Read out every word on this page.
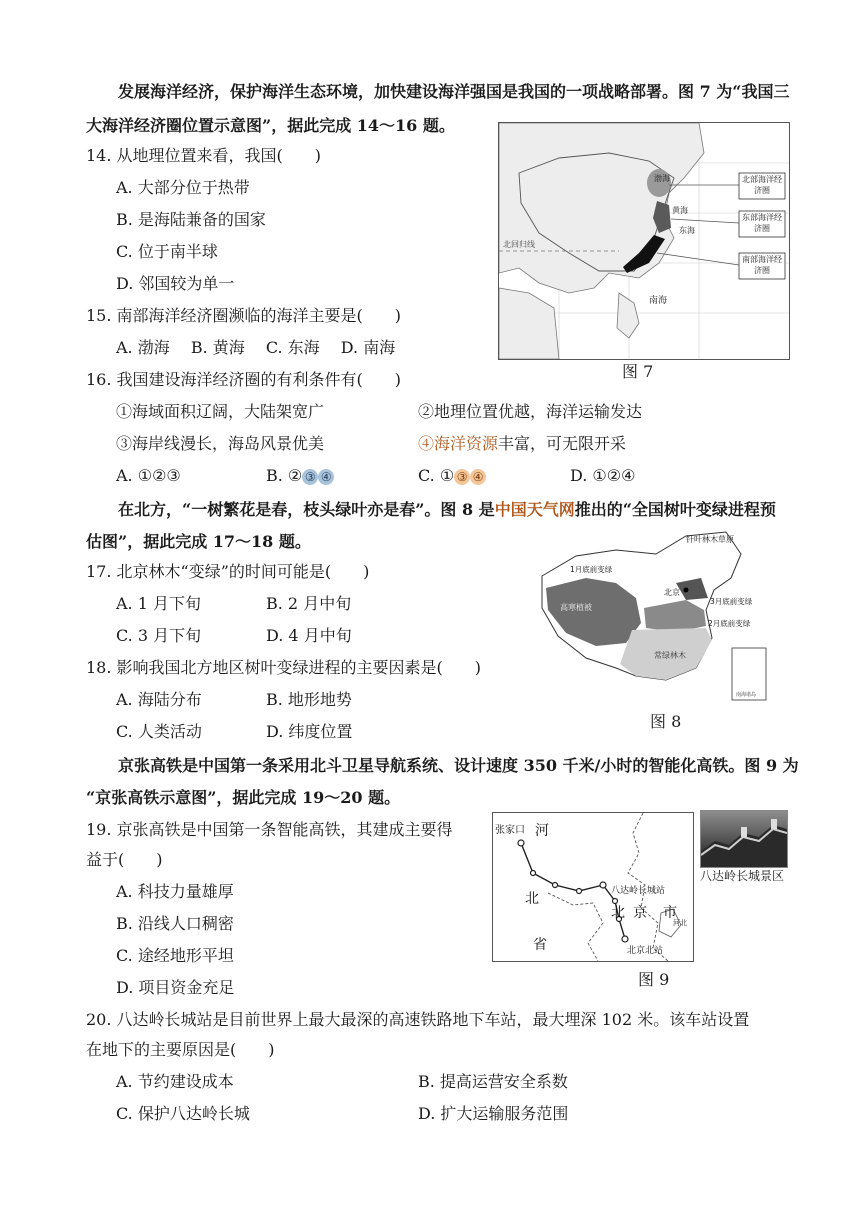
发展海洋经济，保护海洋生态环境，加快建设海洋强国是我国的一项战略部署。图 7 为“我国三
大海洋经济圈位置示意图”，据此完成 14～16 题。
14. 从地理位置来看，我国(　　)
A. 大部分位于热带
B. 是海陆兼备的国家
C. 位于南半球
D. 邻国较为单一
15. 南部海洋经济圈濒临的海洋主要是(　　)
A. 渤海　 B. 黄海　 C. 东海　 D. 南海
北回归线
渤海
黄海
东海
南海
北部海洋经济圈
东部海洋经济圈
南部海洋经济圈
图 7
16. 我国建设海洋经济圈的有利条件有(　　)
①海域面积辽阔，大陆架宽广	②地理位置优越，海洋运输发达
③海岸线漫长，海岛风景优美	④海洋资源丰富，可无限开采
A. ①②③	B. ② ③ ④	C. ① ③ ④	D. ①②④
在北方，“一树繁花是春，枝头绿叶亦是春”。图 8 是中国天气网推出的“全国树叶变绿进程预
估图”，据此完成 17～18 题。
17. 北京林木“变绿”的时间可能是(　　)
A. 1 月下旬	B. 2 月中旬
C. 3 月下旬	D. 4 月中旬
18. 影响我国北方地区树叶变绿进程的主要因素是(　　)
A. 海陆分布	B. 地形地势
C. 人类活动	D. 纬度位置
北京
针叶林木草原
1月底前变绿
高寒植被
3月底前变绿
2月底前变绿
常绿林木
南海诸岛
图 8
京张高铁是中国第一条采用北斗卫星导航系统、设计速度 350 千米/小时的智能化高铁。图 9 为
“京张高铁示意图”，据此完成 19～20 题。
19. 京张高铁是中国第一条智能高铁，其建成主要得
益于(　　)
A. 科技力量雄厚
B. 沿线人口稠密
C. 途经地形平坦
D. 项目资金充足
张家口 河
北
省
八达岭长城站
北 京 市
北京北站
河北
八达岭长城景区
图 9
20. 八达岭长城站是目前世界上最大最深的高速铁路地下车站，最大埋深 102 米。该车站设置
在地下的主要原因是(　　)
A. 节约建设成本	B. 提高运营安全系数
C. 保护八达岭长城	D. 扩大运输服务范围
